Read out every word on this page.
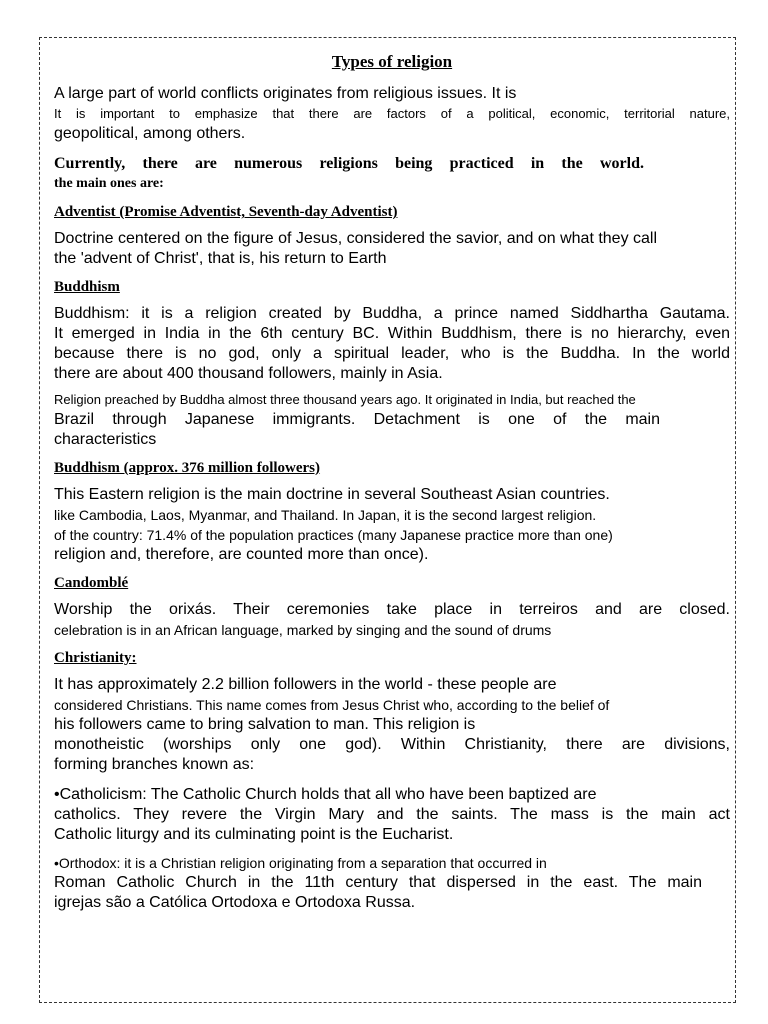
Types of religion
A large part of world conflicts originates from religious issues. It is
It is important to emphasize that there are factors of a political, economic, territorial nature,
geopolitical, among others.
Currently, there are numerous religions being practiced in the world.
the main ones are:
Adventist (Promise Adventist, Seventh-day Adventist)
Doctrine centered on the figure of Jesus, considered the savior, and on what they call
the 'advent of Christ', that is, his return to Earth
Buddhism
Buddhism: it is a religion created by Buddha, a prince named Siddhartha Gautama.
It emerged in India in the 6th century BC. Within Buddhism, there is no hierarchy, even
because there is no god, only a spiritual leader, who is the Buddha. In the world
there are about 400 thousand followers, mainly in Asia.
Religion preached by Buddha almost three thousand years ago. It originated in India, but reached the
Brazil through Japanese immigrants. Detachment is one of the main
characteristics
Buddhism (approx. 376 million followers)
This Eastern religion is the main doctrine in several Southeast Asian countries.
like Cambodia, Laos, Myanmar, and Thailand. In Japan, it is the second largest religion.
of the country: 71.4% of the population practices (many Japanese practice more than one)
religion and, therefore, are counted more than once).
Candomblé
Worship the orixás. Their ceremonies take place in terreiros and are closed.
celebration is in an African language, marked by singing and the sound of drums
Christianity:
It has approximately 2.2 billion followers in the world - these people are
considered Christians. This name comes from Jesus Christ who, according to the belief of
his followers came to bring salvation to man. This religion is
monotheistic (worships only one god). Within Christianity, there are divisions,
forming branches known as:
•Catholicism: The Catholic Church holds that all who have been baptized are
catholics. They revere the Virgin Mary and the saints. The mass is the main act
Catholic liturgy and its culminating point is the Eucharist.
•Orthodox: it is a Christian religion originating from a separation that occurred in
Roman Catholic Church in the 11th century that dispersed in the east. The main
igrejas são a Católica Ortodoxa e Ortodoxa Russa.
